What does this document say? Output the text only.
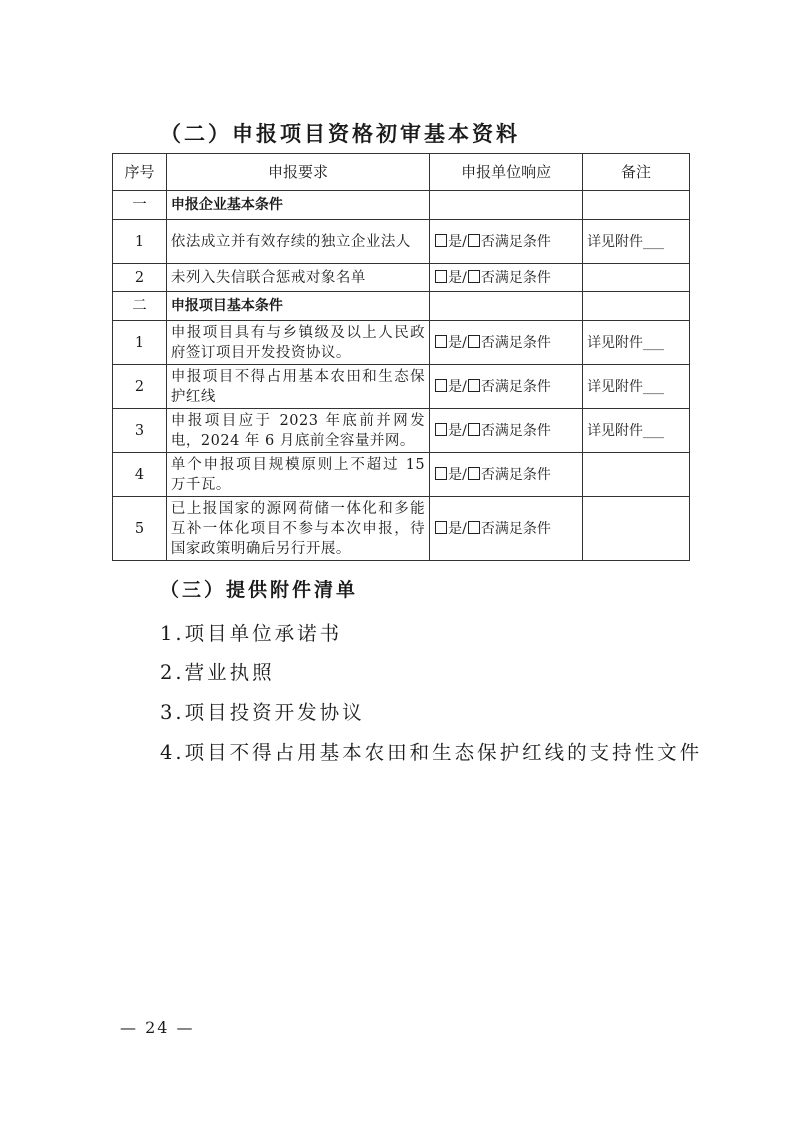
（二）申报项目资格初审基本资料
序号	申报要求	申报单位响应	备注
一	申报企业基本条件		
1	依法成立并有效存续的独立企业法人	是/ 否满足条件	详见附件___
2	未列入失信联合惩戒对象名单	是/ 否满足条件	
二	申报项目基本条件		
1	申报项目具有与乡镇级及以上人民政府签订项目开发投资协议。	是/ 否满足条件	详见附件___
2	申报项目不得占用基本农田和生态保护红线	是/ 否满足条件	详见附件___
3	申报项目应于 2023 年底前并网发电，2024 年 6 月底前全容量并网。	是/ 否满足条件	详见附件___
4	单个申报项目规模原则上不超过 15 万千瓦。	是/ 否满足条件	
5	已上报国家的源网荷储一体化和多能互补一体化项目不参与本次申报，待国家政策明确后另行开展。	是/ 否满足条件	
（三）提供附件清单
1.项目单位承诺书
2.营业执照
3.项目投资开发协议
4.项目不得占用基本农田和生态保护红线的支持性文件
— 24 —
